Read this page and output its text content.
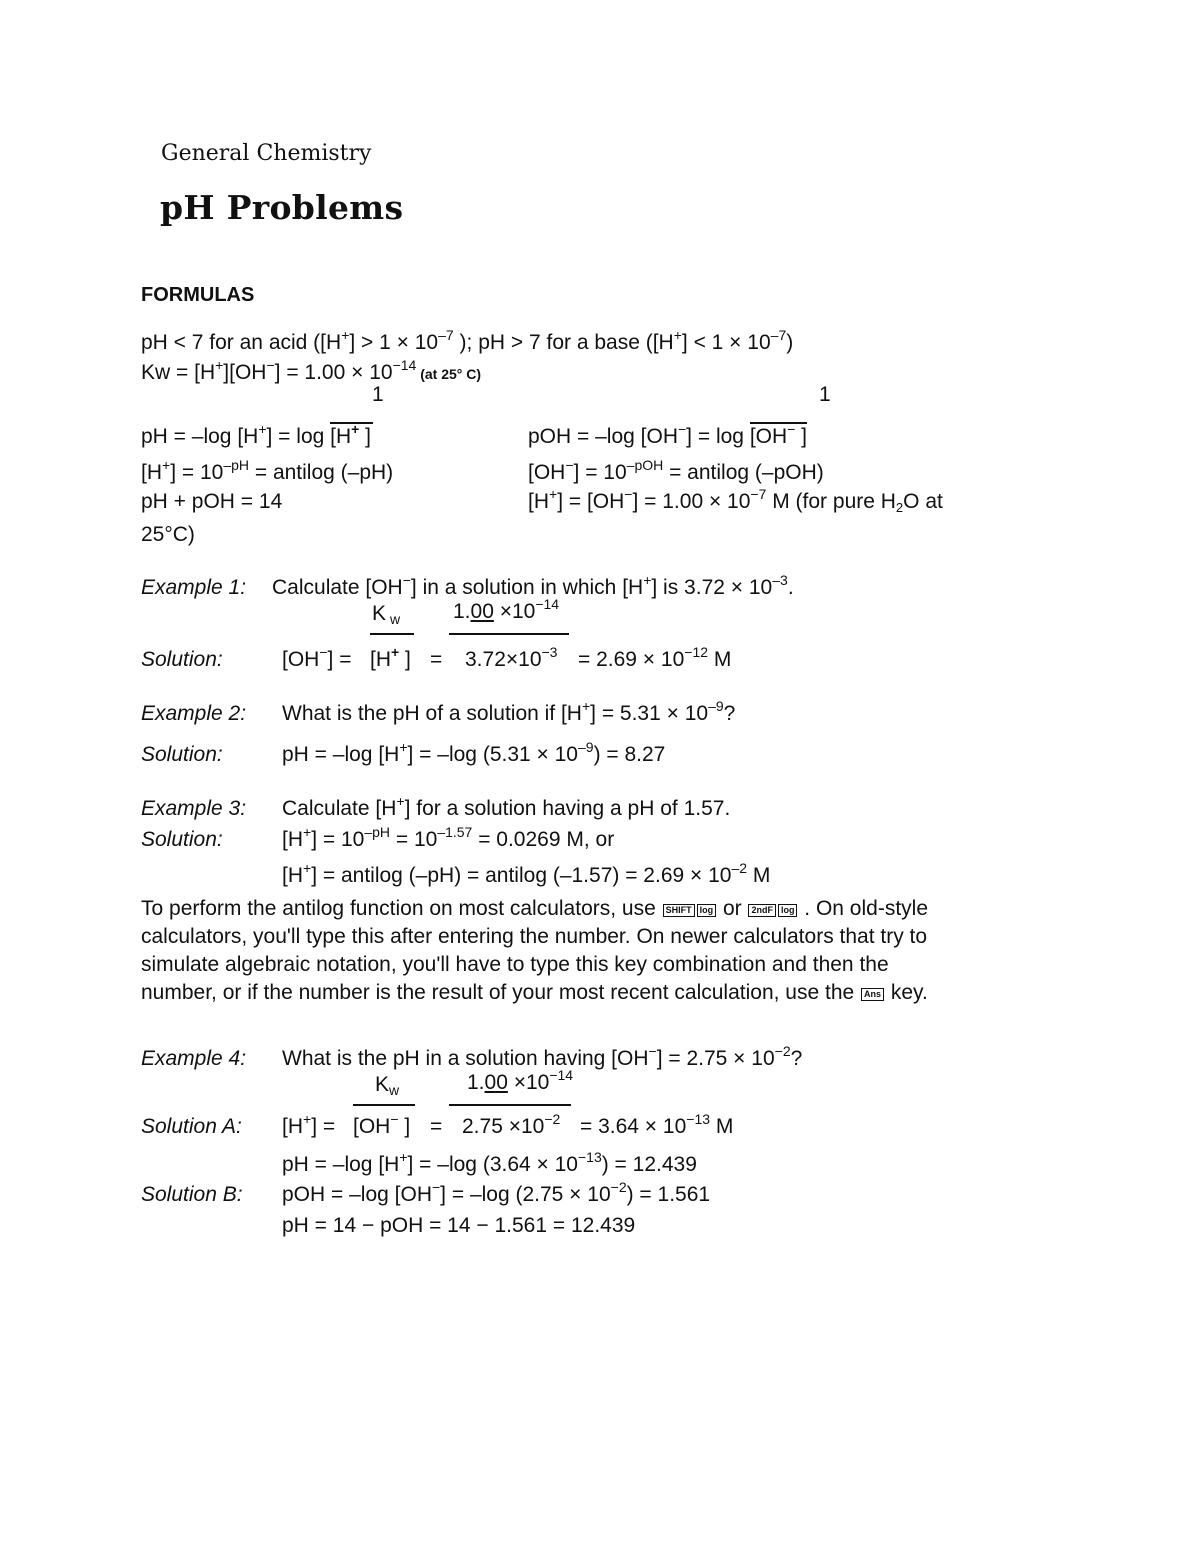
General Chemistry
pH Problems
FORMULAS
pH < 7 for an acid ($[H^+] > 1 \times 10^{-7}$ ); pH > 7 for a base $([H^+] < 1 \times 10^{-7})$
$Kw = [H^+][OH^-] = 1.00 \times 10^{-14}$ (at 25° C)
1	1
pH = –log [H+] = log [H+ ]	pOH = –log [OH−] = log [OH− ]
$[H^+] = 10^{-pH}$ = antilog (–pH)	$[OH^-] = 10^{-pOH}$ = antilog (–pOH)
pH + pOH = 14	$[H^+] = [OH^-] = 1.00 \times 10^{-7}$ M (for pure $H_2O$ at
25°C)
Example 1: Calculate [OH−] in a solution in which [H+] is $3.72 \times 10^{-3}$.
K $_w$	$1.00 \times 10^{-14}$
Solution:	[OH−] = [H+ ] = $3.72\times 10^{-3} = 2.69 \times 10^{-12}$ M
Example 2: What is the pH of a solution if $[H^+] = 5.31 \times 10^{-9}$?
Solution:	pH = –log [H+] = –log $(5.31 \times 10^{-9}) = 8.27$
Example 3: Calculate [H+] for a solution having a pH of 1.57.
Solution:	$[H^+] = 10^{-pH} = 10^{-1.57} = 0.0269$ M, or
[H+] = antilog (–pH) = antilog $(-1.57) = 2.69 \times 10^{-2}$ M
To perform the antilog function on most calculators, use SHIFT log or 2ndF log . On old-style
calculators, you'll type this after entering the number. On newer calculators that try to
simulate algebraic notation, you'll have to type this key combination and then the
number, or if the number is the result of your most recent calculation, use the Ans key.
Example 4: What is the pH in a solution having $[OH^-] = 2.75 \times 10^{-2}$?
$K_w$	$1.00 \times 10^{-14}$
Solution A: [H+] = [OH− ] = $2.75 \times 10^{-2} = 3.64 \times 10^{-13}$ M
pH = –log [H+] = –log $(3.64 \times 10^{-13}) = 12.439$
Solution B: pOH = –log [OH−] = –log $(2.75 \times 10^{-2}) = 1.561$
pH = 14 − pOH = 14 − 1.561 = 12.439
